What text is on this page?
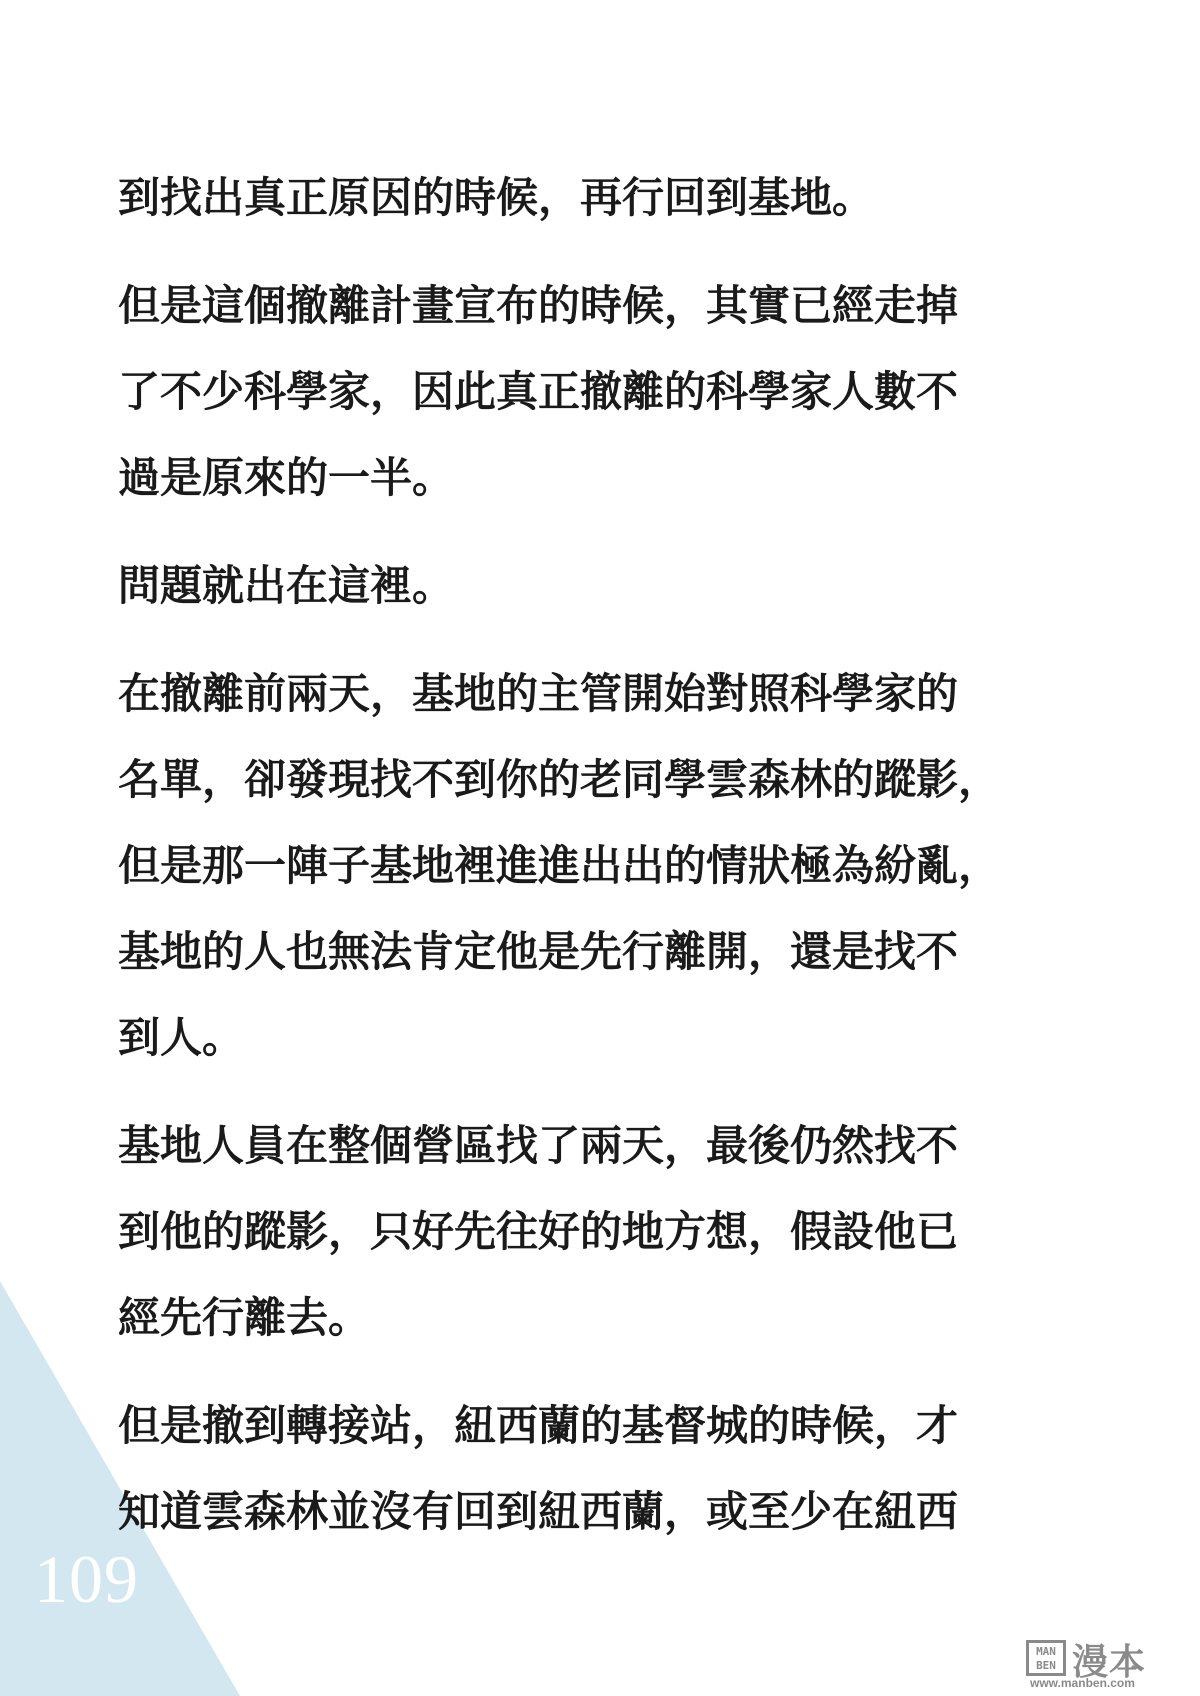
109
到找出真正原因的時候，再行回到基地。
但是這個撤離計畫宣布的時候，其實已經走掉
了不少科學家，因此真正撤離的科學家人數不
過是原來的一半。
問題就出在這裡。
在撤離前兩天，基地的主管開始對照科學家的
名單，卻發現找不到你的老同學雲森林的蹤影，
但是那一陣子基地裡進進出出的情狀極為紛亂，
基地的人也無法肯定他是先行離開，還是找不
到人。
基地人員在整個營區找了兩天，最後仍然找不
到他的蹤影，只好先往好的地方想，假設他已
經先行離去。
但是撤到轉接站，紐西蘭的基督城的時候，才
知道雲森林並沒有回到紐西蘭，或至少在紐西
MAN BEN 漫本
www.manben.com
